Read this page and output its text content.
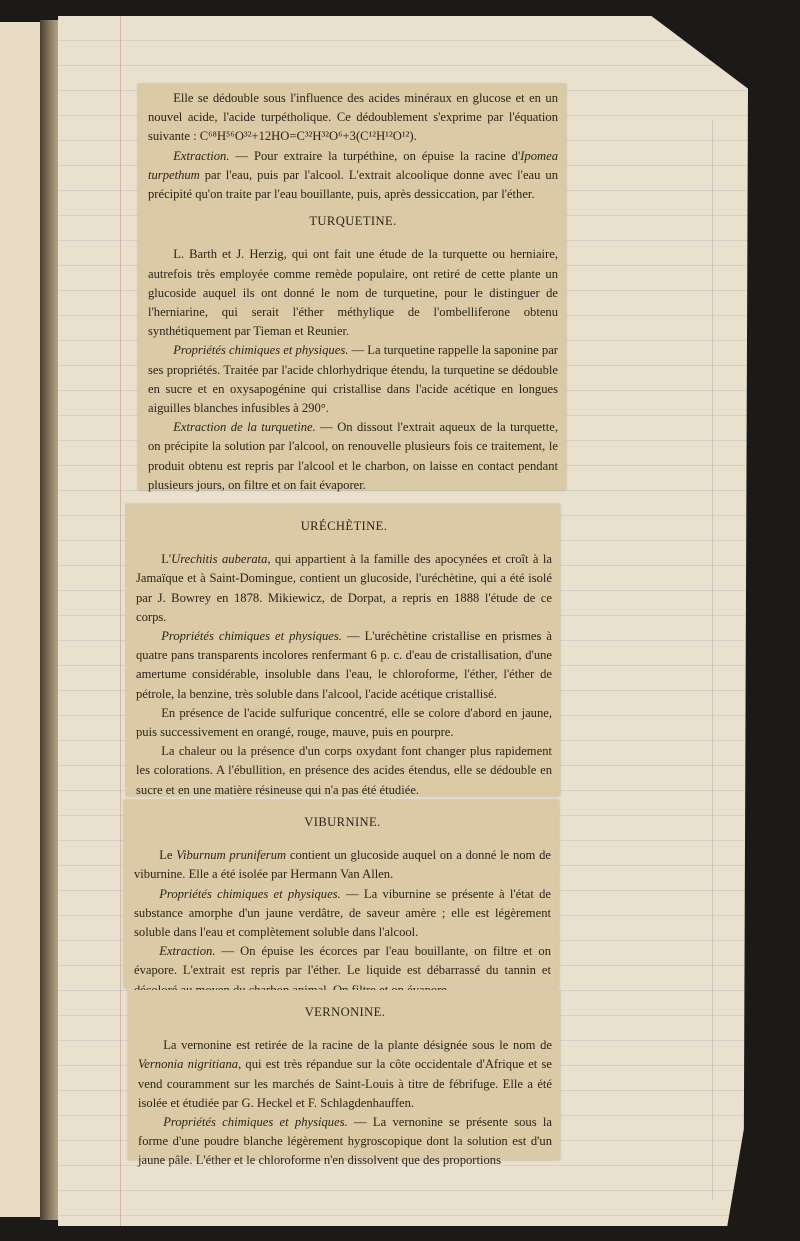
Elle se dédouble sous l'influence des acides minéraux en glucose et en un nouvel acide, l'acide turpétholique. Ce dédoublement s'exprime par l'équation suivante : C⁶⁸H⁵⁶O³²+12HO=C³²H³²O⁶+3(C¹²H¹²O¹²).

Extraction. — Pour extraire la turpéthine, on épuise la racine d'Ipomea turpethum par l'eau, puis par l'alcool. L'extrait alcoolique donne avec l'eau un précipité qu'on traite par l'eau bouillante, puis, après dessiccation, par l'éther.

TURQUETINE.

L. Barth et J. Herzig, qui ont fait une étude de la turquette ou herniaire, autrefois très employée comme remède populaire, ont retiré de cette plante un glucoside auquel ils ont donné le nom de turquetine, pour le distinguer de l'herniarine, qui serait l'éther méthylique de l'ombelliferone obtenu synthétiquement par Tieman et Reunier.

Propriétés chimiques et physiques. — La turquetine rappelle la saponine par ses propriétés. Traitée par l'acide chlorhydrique étendu, la turquetine se dédouble en sucre et en oxysapogénine qui cristallise dans l'acide acétique en longues aiguilles blanches infusibles à 290°.

Extraction de la turquetine. — On dissout l'extrait aqueux de la turquette, on précipite la solution par l'alcool, on renouvelle plusieurs fois ce traitement, le produit obtenu est repris par l'alcool et le charbon, on laisse en contact pendant plusieurs jours, on filtre et on fait évaporer.

URÉCHÈTINE.

L'Urechitis auberata, qui appartient à la famille des apocynées et croît à la Jamaïque et à Saint-Domingue, contient un glucoside, l'uréchètine, qui a été isolé par J. Bowrey en 1878. Mikiewicz, de Dorpat, a repris en 1888 l'étude de ce corps.

Propriétés chimiques et physiques. — L'uréchètine cristallise en prismes à quatre pans transparents incolores renfermant 6 p. c. d'eau de cristallisation, d'une amertume considérable, insoluble dans l'eau, le chloroforme, l'éther, l'éther de pétrole, la benzine, très soluble dans l'alcool, l'acide acétique cristallisé.

En présence de l'acide sulfurique concentré, elle se colore d'abord en jaune, puis successivement en orangé, rouge, mauve, puis en pourpre.

La chaleur ou la présence d'un corps oxydant font changer plus rapidement les colorations. A l'ébullition, en présence des acides étendus, elle se dédouble en sucre et en une matière résineuse qui n'a pas été étudiée.

VIBURNINE.

Le Viburnum pruniferum contient un glucoside auquel on a donné le nom de viburnine. Elle a été isolée par Hermann Van Allen.

Propriétés chimiques et physiques. — La viburnine se présente à l'état de substance amorphe d'un jaune verdâtre, de saveur amère ; elle est légèrement soluble dans l'eau et complètement soluble dans l'alcool.

Extraction. — On épuise les écorces par l'eau bouillante, on filtre et on évapore. L'extrait est repris par l'éther. Le liquide est débarrassé du tannin et

VERNONINE.

La vernonine est retirée de la racine de la plante désignée sous le nom de Vernonia nigritiana, qui est très répandue sur la côte occidentale d'Afrique et se vend couramment sur les marchés de Saint-Louis à titre de fébrifuge. Elle a été isolée et étudiée par G. Heckel et F. Schlagdenhauffen.

Propriétés chimiques et physiques. — La vernonine se présente sous la forme d'une poudre blanche légèrement hygroscopique dont la solution est d'un jaune pâle. L'éther et le chloroforme n'en dissolvent que des proportions
